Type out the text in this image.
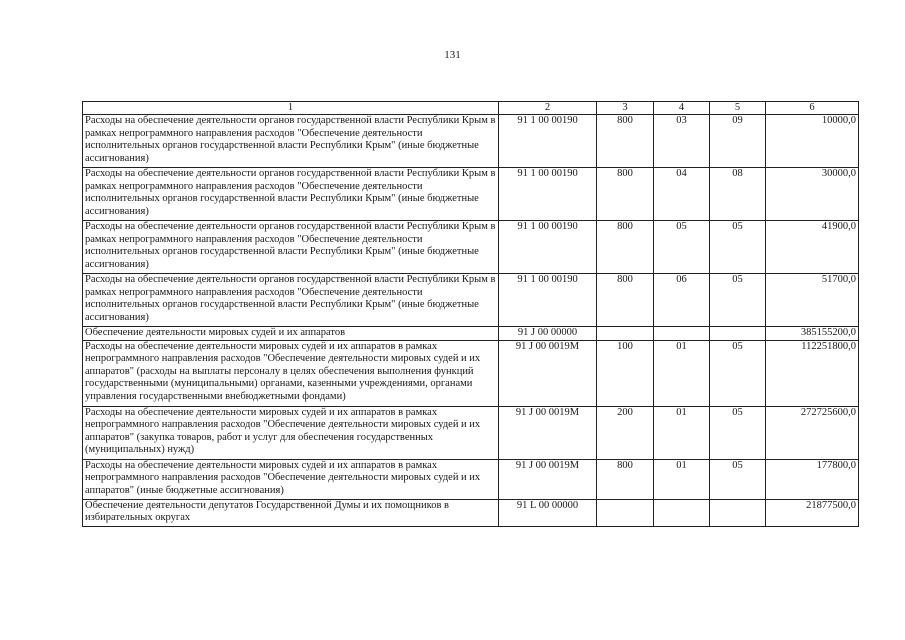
131
1	2	3	4	5	6
Расходы на обеспечение деятельности органов государственной власти Республики Крым в рамках непрограммного направления расходов "Обеспечение деятельности исполнительных органов государственной власти Республики Крым" (иные бюджетные ассигнования)	91 1 00 00190	800	03	09	10000,0
Расходы на обеспечение деятельности органов государственной власти Республики Крым в рамках непрограммного направления расходов "Обеспечение деятельности исполнительных органов государственной власти Республики Крым" (иные бюджетные ассигнования)	91 1 00 00190	800	04	08	30000,0
Расходы на обеспечение деятельности органов государственной власти Республики Крым в рамках непрограммного направления расходов "Обеспечение деятельности исполнительных органов государственной власти Республики Крым" (иные бюджетные ассигнования)	91 1 00 00190	800	05	05	41900,0
Расходы на обеспечение деятельности органов государственной власти Республики Крым в рамках непрограммного направления расходов "Обеспечение деятельности исполнительных органов государственной власти Республики Крым" (иные бюджетные ассигнования)	91 1 00 00190	800	06	05	51700,0
Обеспечение деятельности мировых судей и их аппаратов	91 J 00 00000				385155200,0
Расходы на обеспечение деятельности мировых судей и их аппаратов в рамках непрограммного направления расходов "Обеспечение деятельности мировых судей и их аппаратов" (расходы на выплаты персоналу в целях обеспечения выполнения функций государственными (муниципальными) органами, казенными учреждениями, органами управления государственными внебюджетными фондами)	91 J 00 0019M	100	01	05	112251800,0
Расходы на обеспечение деятельности мировых судей и их аппаратов в рамках непрограммного направления расходов "Обеспечение деятельности мировых судей и их аппаратов" (закупка товаров, работ и услуг для обеспечения государственных (муниципальных) нужд)	91 J 00 0019M	200	01	05	272725600,0
Расходы на обеспечение деятельности мировых судей и их аппаратов в рамках непрограммного направления расходов "Обеспечение деятельности мировых судей и их аппаратов" (иные бюджетные ассигнования)	91 J 00 0019M	800	01	05	177800,0
Обеспечение деятельности депутатов Государственной Думы и их помощников в избирательных округах	91 L 00 00000				21877500,0
